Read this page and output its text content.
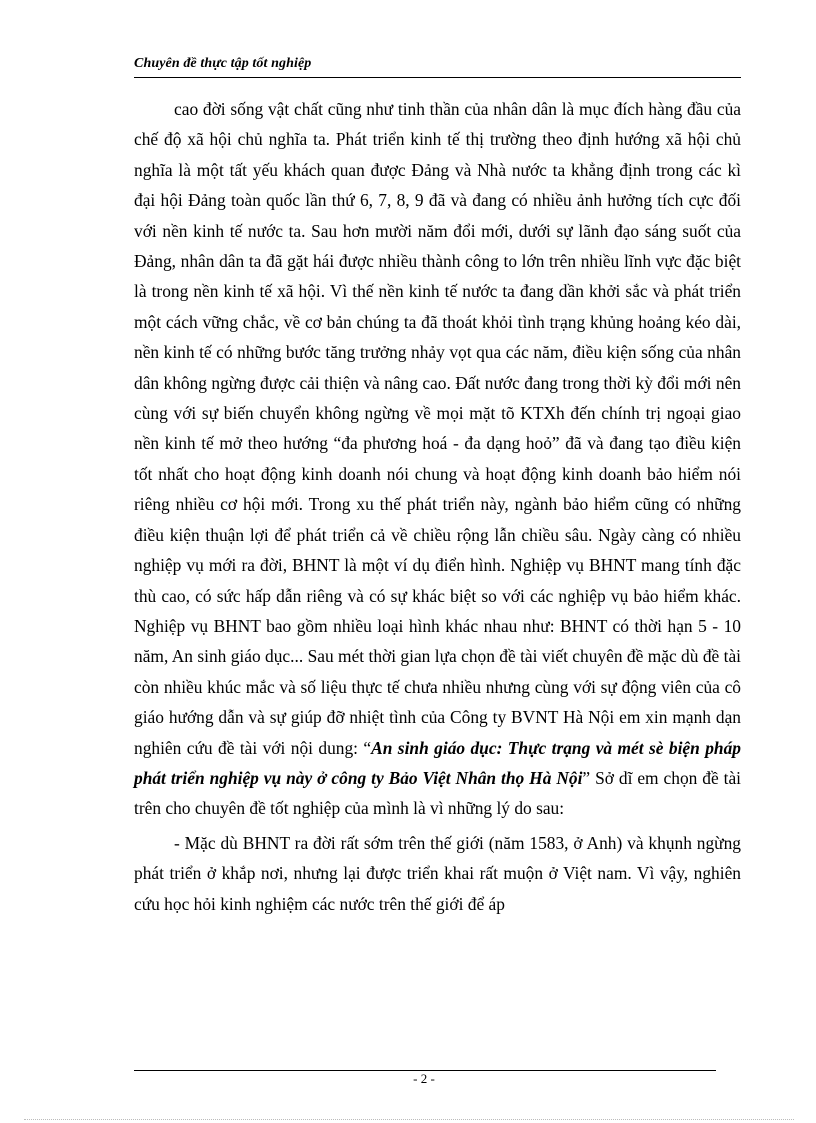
Chuyên đề thực tập tốt nghiệp

cao đời sống vật chất cũng như tinh thần của nhân dân là mục đích hàng đầu của chế độ xã hội chủ nghĩa ta. Phát triển kinh tế thị trường theo định hướng xã hội chủ nghĩa là một tất yếu khách quan được Đảng và Nhà nước ta khẳng định trong các kì đại hội Đảng toàn quốc lần thứ 6, 7, 8, 9 đã và đang có nhiều ảnh hưởng tích cực đối với nền kinh tế nước ta. Sau hơn mười năm đổi mới, dưới sự lãnh đạo sáng suốt của Đảng, nhân dân ta đã gặt hái được nhiều thành công to lớn trên nhiều lĩnh vực đặc biệt là trong nền kinh tế xã hội. Vì thế nền kinh tế nước ta đang dần khởi sắc và phát triển một cách vững chắc, về cơ bản chúng ta đã thoát khỏi tình trạng khủng hoảng kéo dài, nền kinh tế có những bước tăng trưởng nhảy vọt qua các năm, điều kiện sống của nhân dân không ngừng được cải thiện và nâng cao. Đất nước đang trong thời kỳ đổi mới nên cùng với sự biến chuyển không ngừng về mọi mặt tõ KTXh đến chính trị ngoại giao nền kinh tế mở theo hướng “đa phương hoá - đa dạng hoỏ” đã và đang tạo điều kiện tốt nhất cho hoạt động kinh doanh nói chung và hoạt động kinh doanh bảo hiểm nói riêng nhiều cơ hội mới. Trong xu thế phát triển này, ngành bảo hiểm cũng có những điều kiện thuận lợi để phát triển cả về chiều rộng lẫn chiều sâu. Ngày càng có nhiều nghiệp vụ mới ra đời, BHNT là một ví dụ điển hình. Nghiệp vụ BHNT mang tính đặc thù cao, có sức hấp dẫn riêng và có sự khác biệt so với các nghiệp vụ bảo hiểm khác. Nghiệp vụ BHNT bao gồm nhiều loại hình khác nhau như: BHNT có thời hạn 5 - 10 năm, An sinh giáo dục... Sau mét thời gian lựa chọn đề tài viết chuyên đề mặc dù đề tài còn nhiều khúc mắc và số liệu thực tế chưa nhiều nhưng cùng với sự động viên của cô giáo hướng dẫn và sự giúp đỡ nhiệt tình của Công ty BVNT Hà Nội em xin mạnh dạn nghiên cứu đề tài với nội dung: “An sinh giáo dục: Thực trạng và mét sè biện pháp phát triển nghiệp vụ này ở công ty Bảo Việt Nhân thọ Hà Nội” Sở dĩ em chọn đề tài trên cho chuyên đề tốt nghiệp của mình là vì những lý do sau:

- Mặc dù BHNT ra đời rất sớm trên thế giới (năm 1583, ở Anh) và khụnh ngừng phát triển ở khắp nơi, nhưng lại được triển khai rất muộn ở Việt nam. Vì vậy, nghiên cứu học hỏi kinh nghiệm các nước trên thế giới để áp

- 2 -
